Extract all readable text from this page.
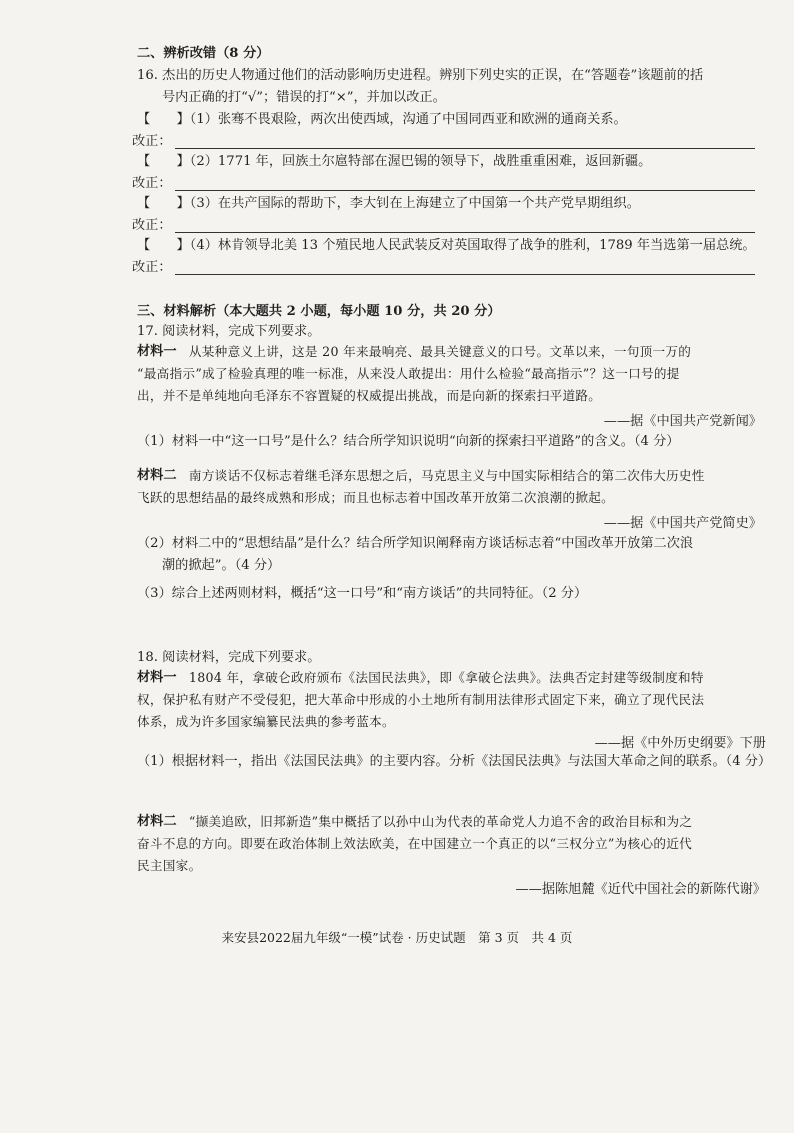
二、辨析改错（8 分）
16. 杰出的历史人物通过他们的活动影响历史进程。辨别下列史实的正误，在“答题卷”该题前的括
号内正确的打“√”；错误的打“×”，并加以改正。
【　　】（1）张骞不畏艰险，两次出使西域，沟通了中国同西亚和欧洲的通商关系。
改正：
【　　】（2）1771 年，回族土尔扈特部在渥巴锡的领导下，战胜重重困难，返回新疆。
改正：
【　　】（3）在共产国际的帮助下，李大钊在上海建立了中国第一个共产党早期组织。
改正：
【　　】（4）林肯领导北美 13 个殖民地人民武装反对英国取得了战争的胜利，1789 年当选第一届总统。
改正：
三、材料解析（本大题共 2 小题，每小题 10 分，共 20 分）
17. 阅读材料，完成下列要求。
材料一 　从某种意义上讲，这是 20 年来最响亮、最具关键意义的口号。文革以来，一句顶一万的
“最高指示”成了检验真理的唯一标准，从来没人敢提出：用什么检验“最高指示”？这一口号的提
出，并不是单纯地向毛泽东不容置疑的权威提出挑战，而是向新的探索扫平道路。
——据《中国共产党新闻》
（1）材料一中“这一口号”是什么？结合所学知识说明“向新的探索扫平道路”的含义。（4 分）
材料二 　南方谈话不仅标志着继毛泽东思想之后，马克思主义与中国实际相结合的第二次伟大历史性
飞跃的思想结晶的最终成熟和形成；而且也标志着中国改革开放第二次浪潮的掀起。
——据《中国共产党简史》
（2）材料二中的“思想结晶”是什么？结合所学知识阐释南方谈话标志着“中国改革开放第二次浪
潮的掀起”。（4 分）
（3）综合上述两则材料，概括“这一口号”和“南方谈话”的共同特征。（2 分）
18. 阅读材料，完成下列要求。
材料一 　1804 年，拿破仑政府颁布《法国民法典》，即《拿破仑法典》。法典否定封建等级制度和特
权，保护私有财产不受侵犯，把大革命中形成的小土地所有制用法律形式固定下来，确立了现代民法
体系，成为许多国家编纂民法典的参考蓝本。
——据《中外历史纲要》下册
（1）根据材料一，指出《法国民法典》的主要内容。分析《法国民法典》与法国大革命之间的联系。（4 分）
材料二 　“撷美追欧，旧邦新造”集中概括了以孙中山为代表的革命党人力追不舍的政治目标和为之
奋斗不息的方向。即要在政治体制上效法欧美，在中国建立一个真正的以“三权分立”为核心的近代
民主国家。
——据陈旭麓《近代中国社会的新陈代谢》
来安县2022届九年级“一模”试卷 · 历史试题　第 3 页　共 4 页
